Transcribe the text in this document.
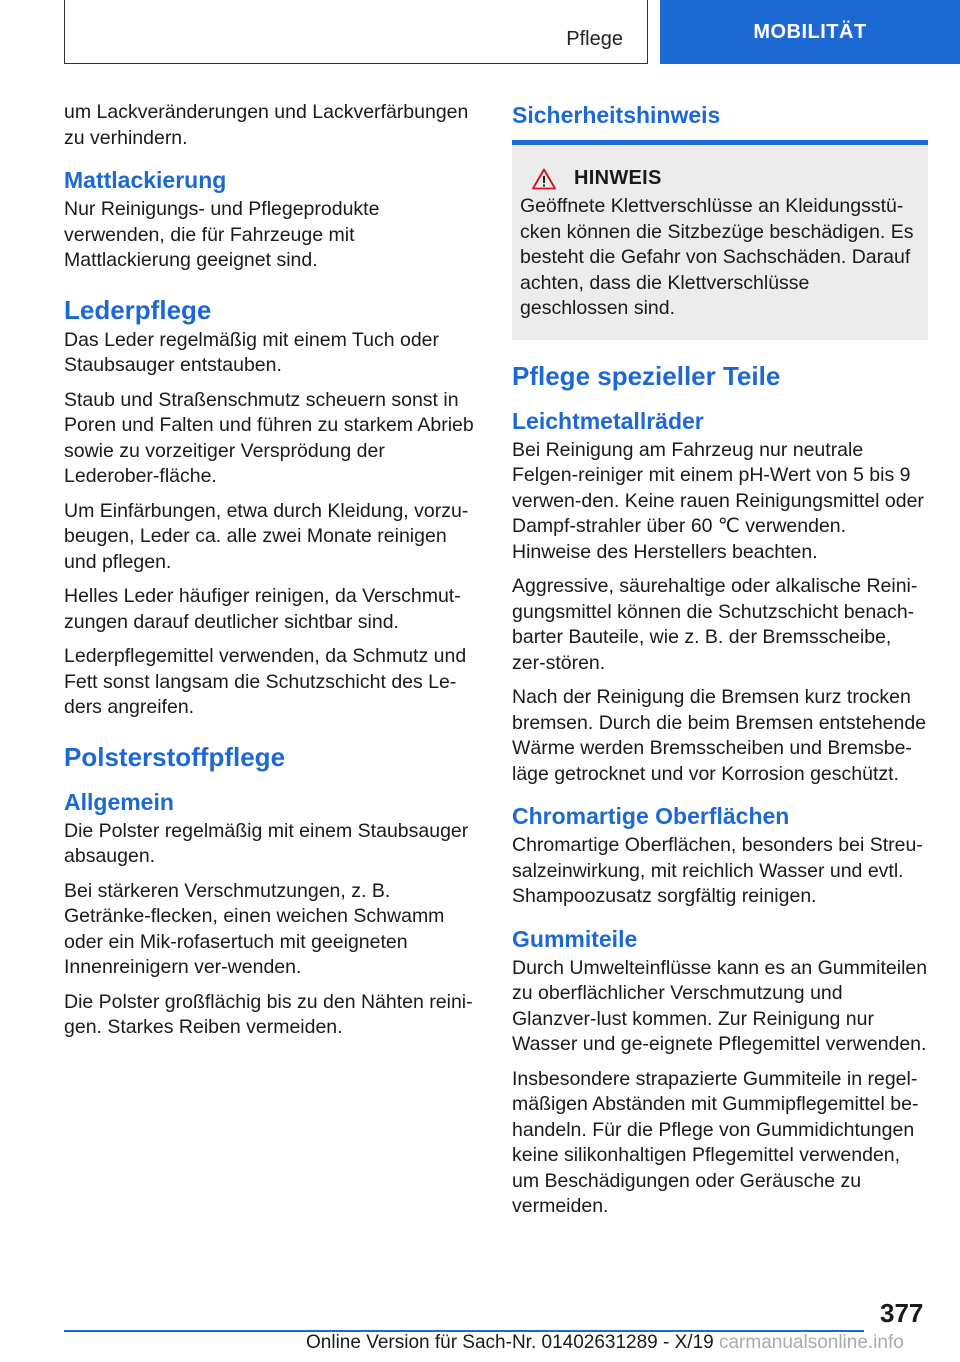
Pflege	MOBILITÄT

um Lackveränderungen und Lackverfärbungen zu verhindern.

Mattlackierung

Nur Reinigungs- und Pflegeprodukte verwenden, die für Fahrzeuge mit Mattlackierung geeignet sind.

Lederpflege

Das Leder regelmäßig mit einem Tuch oder Staubsauger entstauben.

Staub und Straßenschmutz scheuern sonst in Poren und Falten und führen zu starkem Abrieb sowie zu vorzeitiger Versprödung der Lederober-fläche.

Um Einfärbungen, etwa durch Kleidung, vorzu-beugen, Leder ca. alle zwei Monate reinigen und pflegen.

Helles Leder häufiger reinigen, da Verschmut-zungen darauf deutlicher sichtbar sind.

Lederpflegemittel verwenden, da Schmutz und Fett sonst langsam die Schutzschicht des Le-ders angreifen.

Polsterstoffpflege
Allgemein

Die Polster regelmäßig mit einem Staubsauger absaugen.

Bei stärkeren Verschmutzungen, z. B. Getränke-flecken, einen weichen Schwamm oder ein Mik-rofasertuch mit geeigneten Innenreinigern ver-wenden.

Die Polster großflächig bis zu den Nähten reini-gen. Starkes Reiben vermeiden.

Sicherheitshinweis
HINWEIS

Geöffnete Klettverschlüsse an Kleidungsstü-cken können die Sitzbezüge beschädigen. Es besteht die Gefahr von Sachschäden. Darauf achten, dass die Klettverschlüsse geschlossen sind.

Pflege spezieller Teile
Leichtmetallräder

Bei Reinigung am Fahrzeug nur neutrale Felgen-reiniger mit einem pH-Wert von 5 bis 9 verwen-den. Keine rauen Reinigungsmittel oder Dampf-strahler über 60 ℃ verwenden. Hinweise des Herstellers beachten.

Aggressive, säurehaltige oder alkalische Reini-gungsmittel können die Schutzschicht benach-barter Bauteile, wie z. B. der Bremsscheibe, zer-stören.

Nach der Reinigung die Bremsen kurz trocken bremsen. Durch die beim Bremsen entstehende Wärme werden Bremsscheiben und Bremsbe-läge getrocknet und vor Korrosion geschützt.

Chromartige Oberflächen

Chromartige Oberflächen, besonders bei Streu-salzeinwirkung, mit reichlich Wasser und evtl. Shampoozusatz sorgfältig reinigen.

Gummiteile

Durch Umwelteinflüsse kann es an Gummiteilen zu oberflächlicher Verschmutzung und Glanzver-lust kommen. Zur Reinigung nur Wasser und ge-eignete Pflegemittel verwenden.

Insbesondere strapazierte Gummiteile in regel-mäßigen Abständen mit Gummipflegemittel be-handeln. Für die Pflege von Gummidichtungen keine silikonhaltigen Pflegemittel verwenden, um Beschädigungen oder Geräusche zu vermeiden.

377
Online Version für Sach-Nr. 01402631289 - X/19 carmanualsonline.info
